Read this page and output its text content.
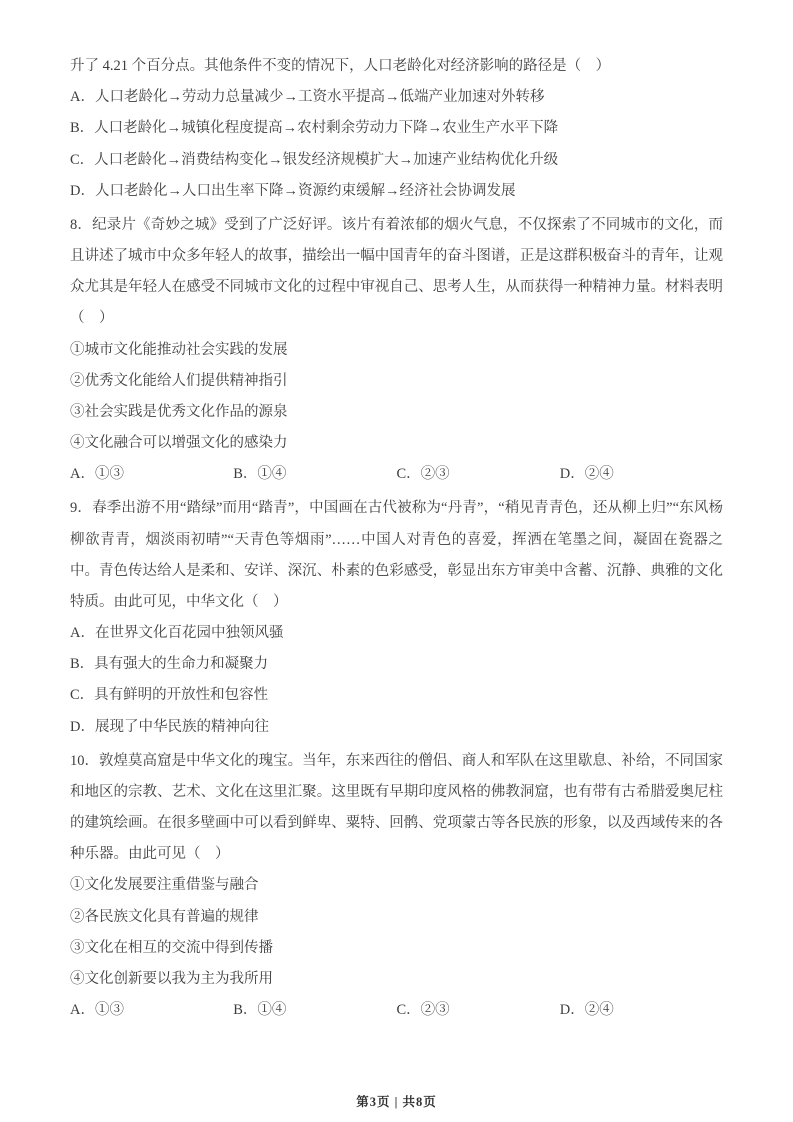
升了 4.21 个百分点。其他条件不变的情况下，人口老龄化对经济影响的路径是（　）
A．人口老龄化→劳动力总量减少→工资水平提高→低端产业加速对外转移
B．人口老龄化→城镇化程度提高→农村剩余劳动力下降→农业生产水平下降
C．人口老龄化→消费结构变化→银发经济规模扩大→加速产业结构优化升级
D．人口老龄化→人口出生率下降→资源约束缓解→经济社会协调发展
8．纪录片《奇妙之城》受到了广泛好评。该片有着浓郁的烟火气息，不仅探索了不同城市的文化，而且讲述了城市中众多年轻人的故事，描绘出一幅中国青年的奋斗图谱，正是这群积极奋斗的青年，让观众尤其是年轻人在感受不同城市文化的过程中审视自己、思考人生，从而获得一种精神力量。材料表明（　）
①城市文化能推动社会实践的发展
②优秀文化能给人们提供精神指引
③社会实践是优秀文化作品的源泉
④文化融合可以增强文化的感染力
A．①③	B．①④	C．②③	D．②④
9．春季出游不用“踏绿”而用“踏青”，中国画在古代被称为“丹青”，“稍见青青色，还从柳上归”“东风杨柳欲青青，烟淡雨初晴”“天青色等烟雨”……中国人对青色的喜爱，挥洒在笔墨之间，凝固在瓷器之中。青色传达给人是柔和、安详、深沉、朴素的色彩感受，彰显出东方审美中含蓄、沉静、典雅的文化特质。由此可见，中华文化（　）
A．在世界文化百花园中独领风骚
B．具有强大的生命力和凝聚力
C．具有鲜明的开放性和包容性
D．展现了中华民族的精神向往
10．敦煌莫高窟是中华文化的瑰宝。当年，东来西往的僧侣、商人和军队在这里歇息、补给，不同国家和地区的宗教、艺术、文化在这里汇聚。这里既有早期印度风格的佛教洞窟，也有带有古希腊爱奥尼柱的建筑绘画。在很多壁画中可以看到鲜卑、粟特、回鹘、党项蒙古等各民族的形象，以及西域传来的各种乐器。由此可见（　）
①文化发展要注重借鉴与融合
②各民族文化具有普遍的规律
③文化在相互的交流中得到传播
④文化创新要以我为主为我所用
A．①③	B．①④	C．②③	D．②④
第3页 | 共8页
